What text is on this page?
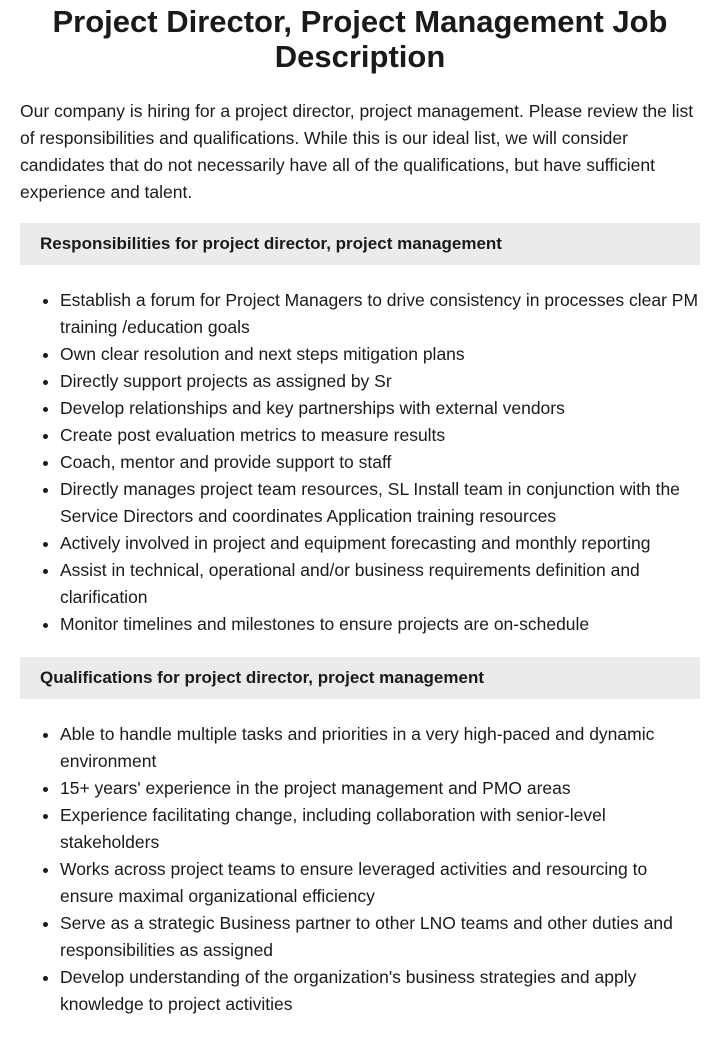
Project Director, Project Management Job Description

Our company is hiring for a project director, project management. Please review the list of responsibilities and qualifications. While this is our ideal list, we will consider candidates that do not necessarily have all of the qualifications, but have sufficient experience and talent.

Responsibilities for project director, project management
• Establish a forum for Project Managers to drive consistency in processes clear PM training /education goals
• Own clear resolution and next steps mitigation plans
• Directly support projects as assigned by Sr
• Develop relationships and key partnerships with external vendors
• Create post evaluation metrics to measure results
• Coach, mentor and provide support to staff
• Directly manages project team resources, SL Install team in conjunction with the Service Directors and coordinates Application training resources
• Actively involved in project and equipment forecasting and monthly reporting
• Assist in technical, operational and/or business requirements definition and clarification
• Monitor timelines and milestones to ensure projects are on-schedule
Qualifications for project director, project management
• Able to handle multiple tasks and priorities in a very high-paced and dynamic environment
• 15+ years' experience in the project management and PMO areas
• Experience facilitating change, including collaboration with senior-level stakeholders
• Works across project teams to ensure leveraged activities and resourcing to ensure maximal organizational efficiency
• Serve as a strategic Business partner to other LNO teams and other duties and responsibilities as assigned
• Develop understanding of the organization's business strategies and apply knowledge to project activities
